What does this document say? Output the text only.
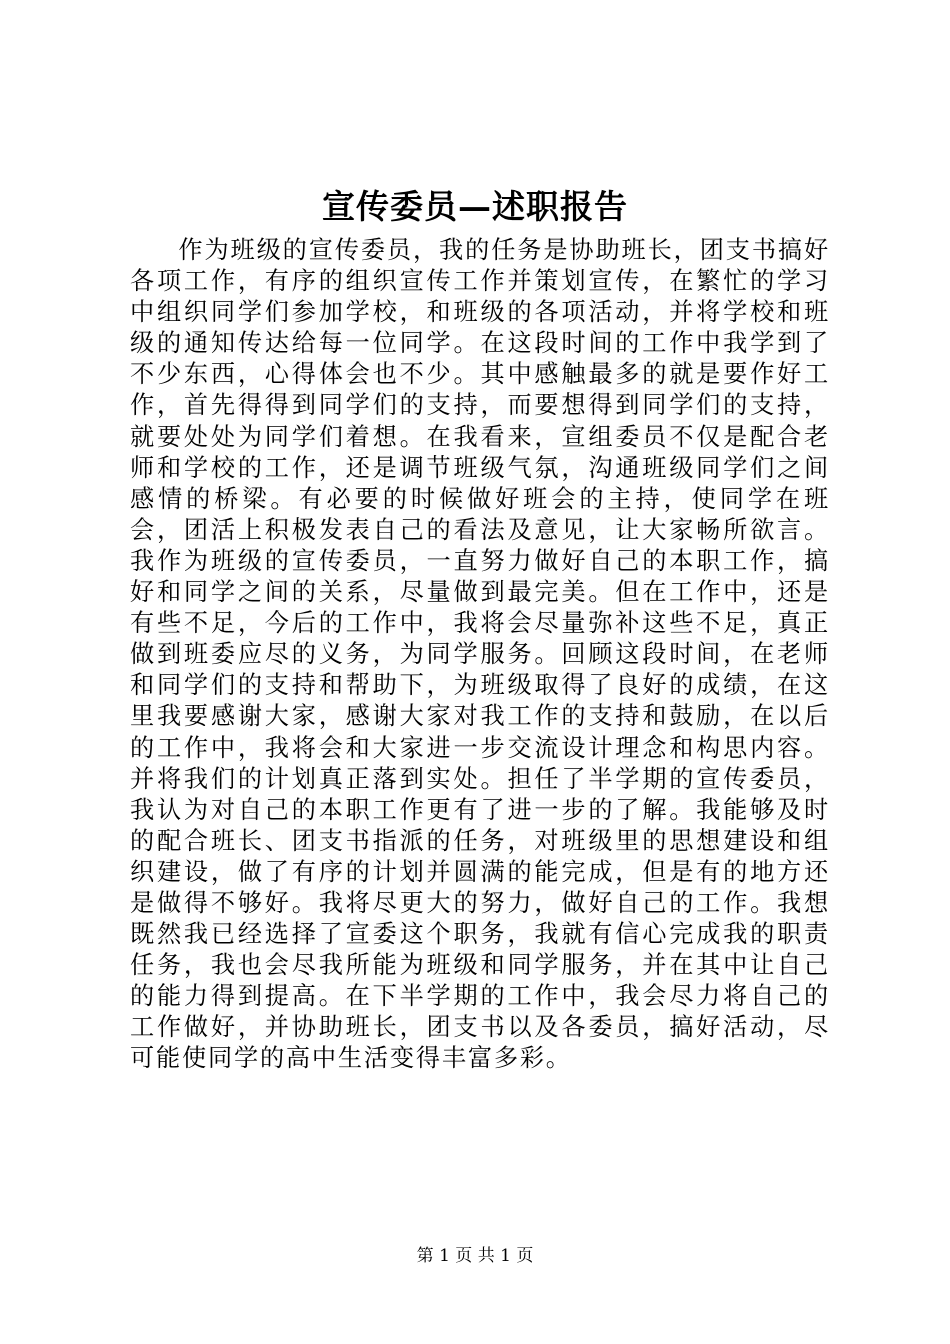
宣传委员—述职报告

作为班级的宣传委员，我的任务是协助班长，团支书搞好各项工作，有序的组织宣传工作并策划宣传，在繁忙的学习中组织同学们参加学校，和班级的各项活动，并将学校和班级的通知传达给每一位同学。在这段时间的工作中我学到了不少东西，心得体会也不少。其中感触最多的就是要作好工作，首先得得到同学们的支持，而要想得到同学们的支持，就要处处为同学们着想。在我看来，宣组委员不仅是配合老师和学校的工作，还是调节班级气氛，沟通班级同学们之间感情的桥梁。有必要的时候做好班会的主持，使同学在班会，团活上积极发表自己的看法及意见，让大家畅所欲言。我作为班级的宣传委员，一直努力做好自己的本职工作，搞好和同学之间的关系，尽量做到最完美。但在工作中，还是有些不足，今后的工作中，我将会尽量弥补这些不足，真正做到班委应尽的义务，为同学服务。回顾这段时间，在老师和同学们的支持和帮助下，为班级取得了良好的成绩，在这里我要感谢大家，感谢大家对我工作的支持和鼓励，在以后的工作中，我将会和大家进一步交流设计理念和构思内容。并将我们的计划真正落到实处。担任了半学期的宣传委员，我认为对自己的本职工作更有了进一步的了解。我能够及时的配合班长、团支书指派的任务，对班级里的思想建设和组织建设，做了有序的计划并圆满的能完成，但是有的地方还是做得不够好。我将尽更大的努力，做好自己的工作。我想既然我已经选择了宣委这个职务，我就有信心完成我的职责任务，我也会尽我所能为班级和同学服务，并在其中让自己的能力得到提高。在下半学期的工作中，我会尽力将自己的工作做好，并协助班长，团支书以及各委员，搞好活动，尽可能使同学的高中生活变得丰富多彩。

第 1 页 共 1 页
